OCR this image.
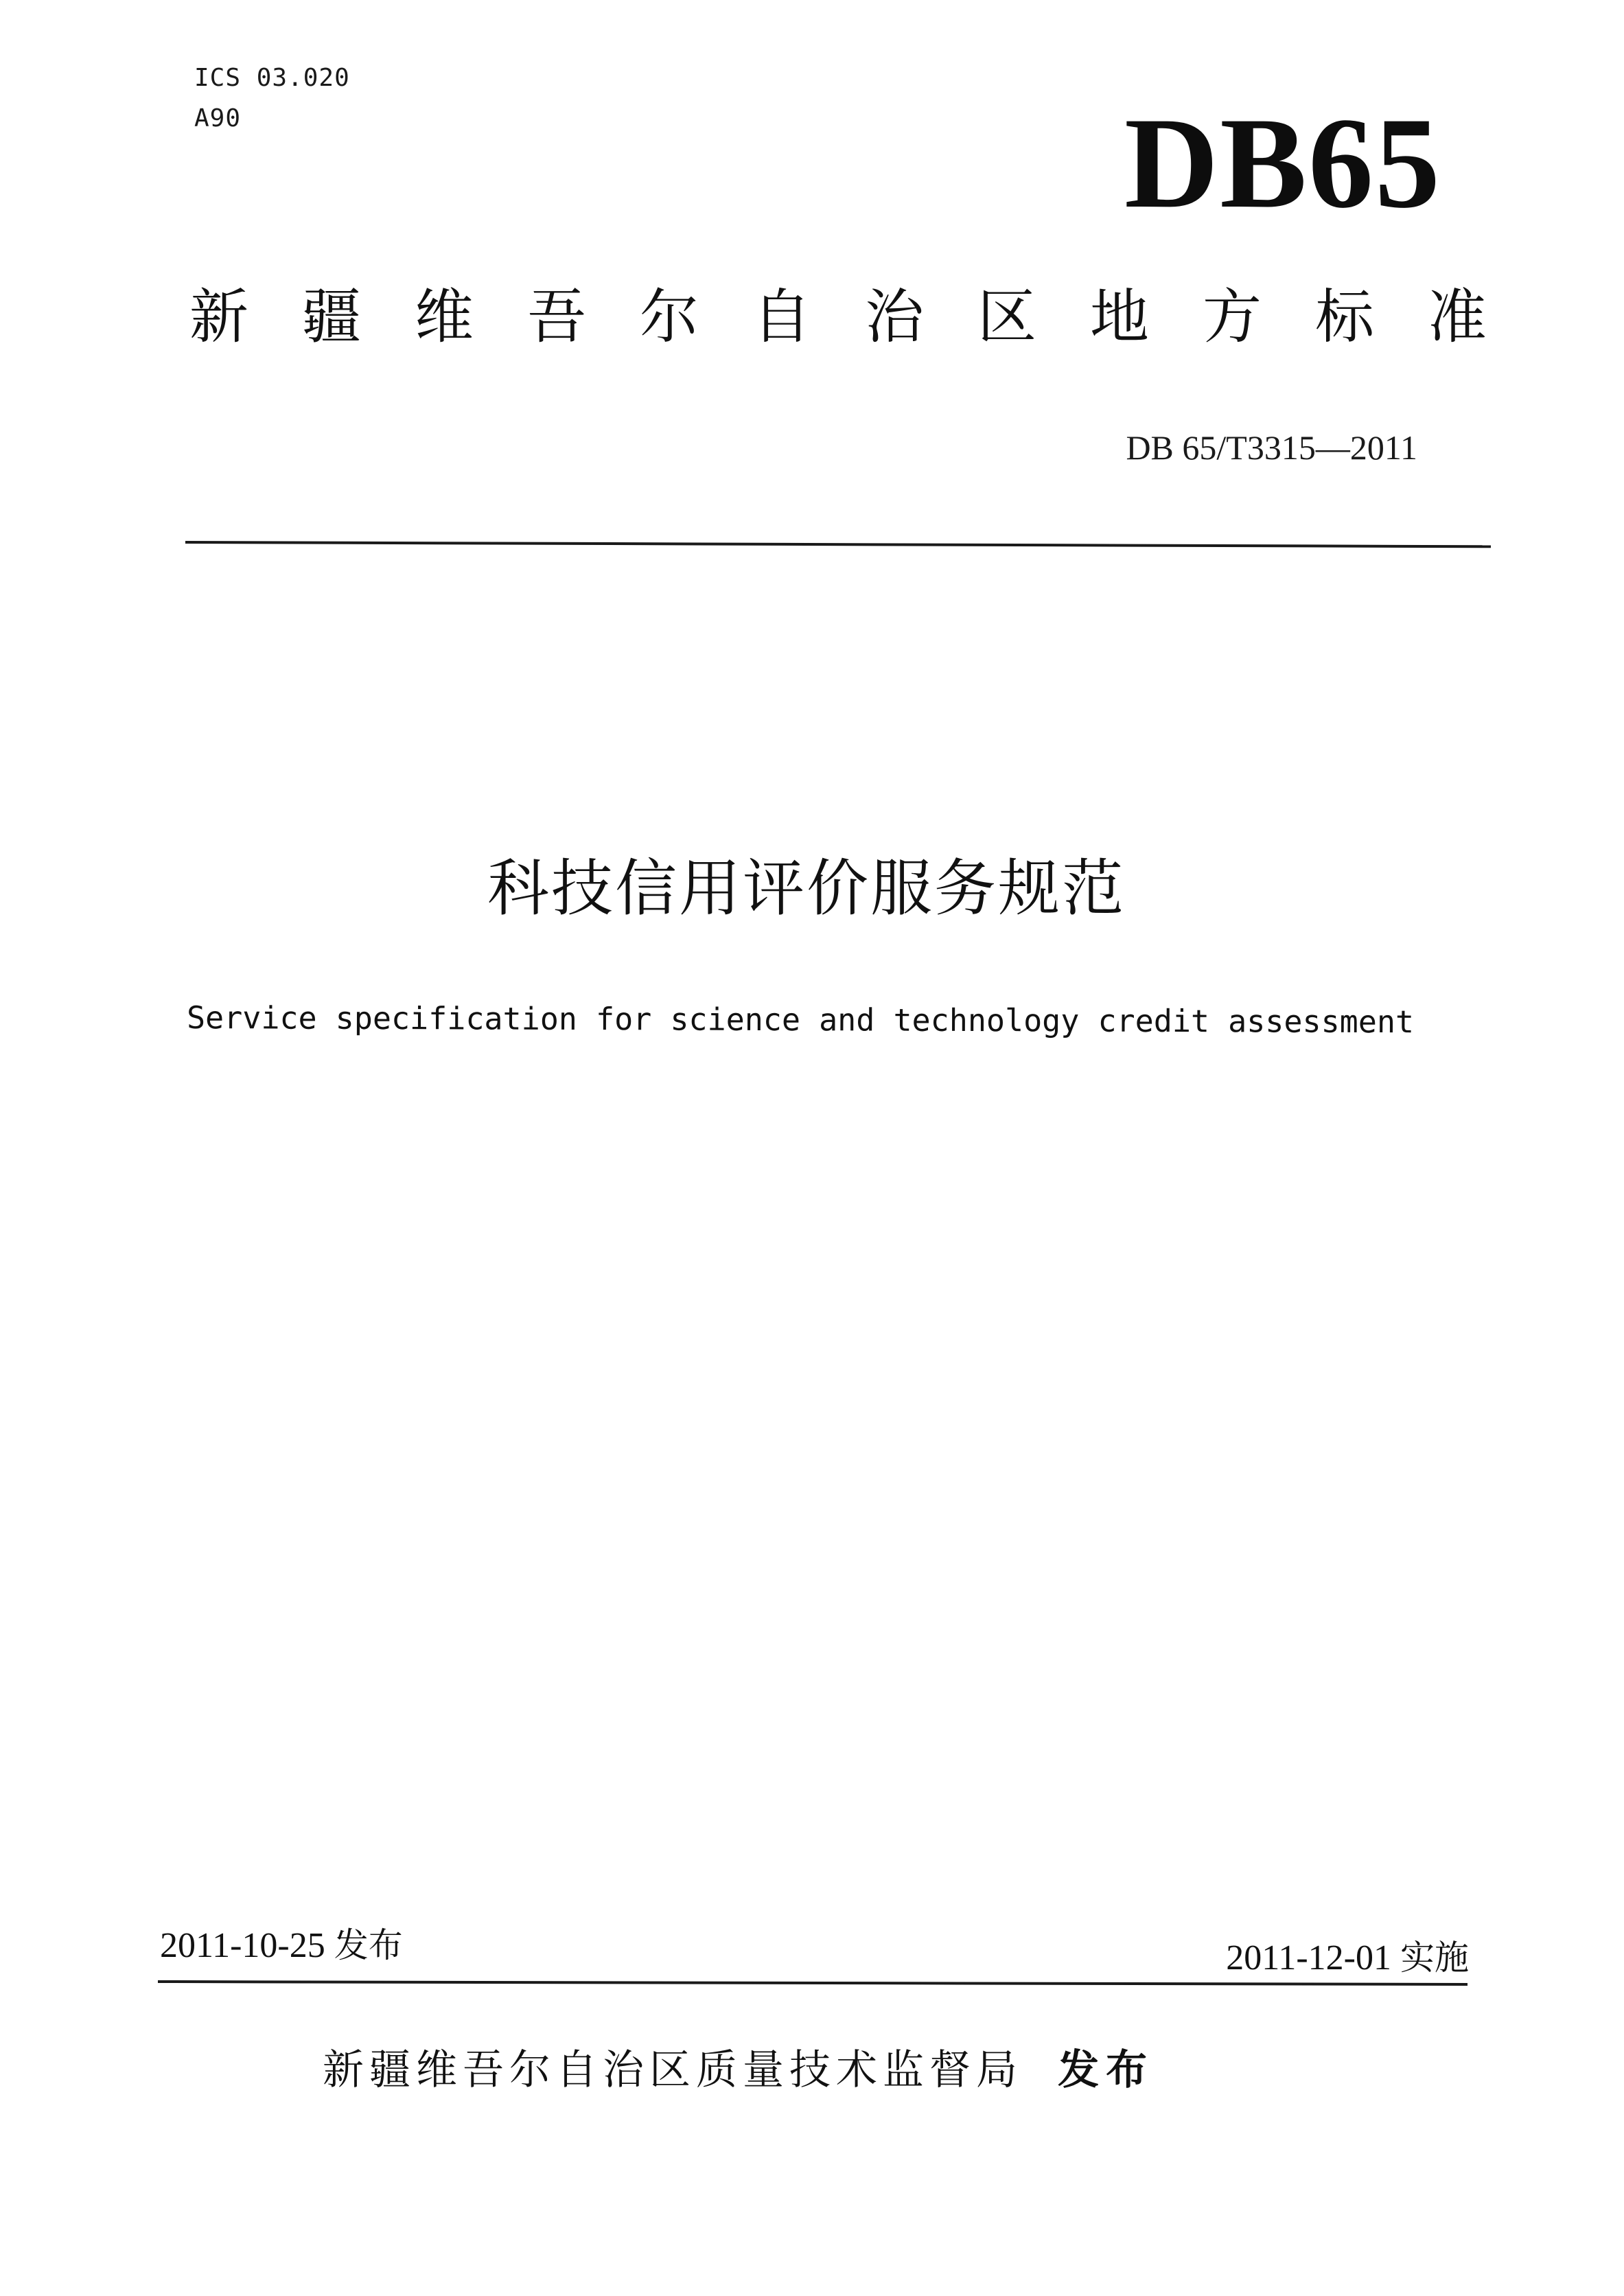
ICS 03.020
A90	DB65
新疆维吾尔自治区地方标准
DB 65/T3315—2011
科技信用评价服务规范
Service specification for science and technology credit assessment
2011-10-25 发布	2011-12-01 实施
新疆维吾尔自治区质量技术监督局 发布
